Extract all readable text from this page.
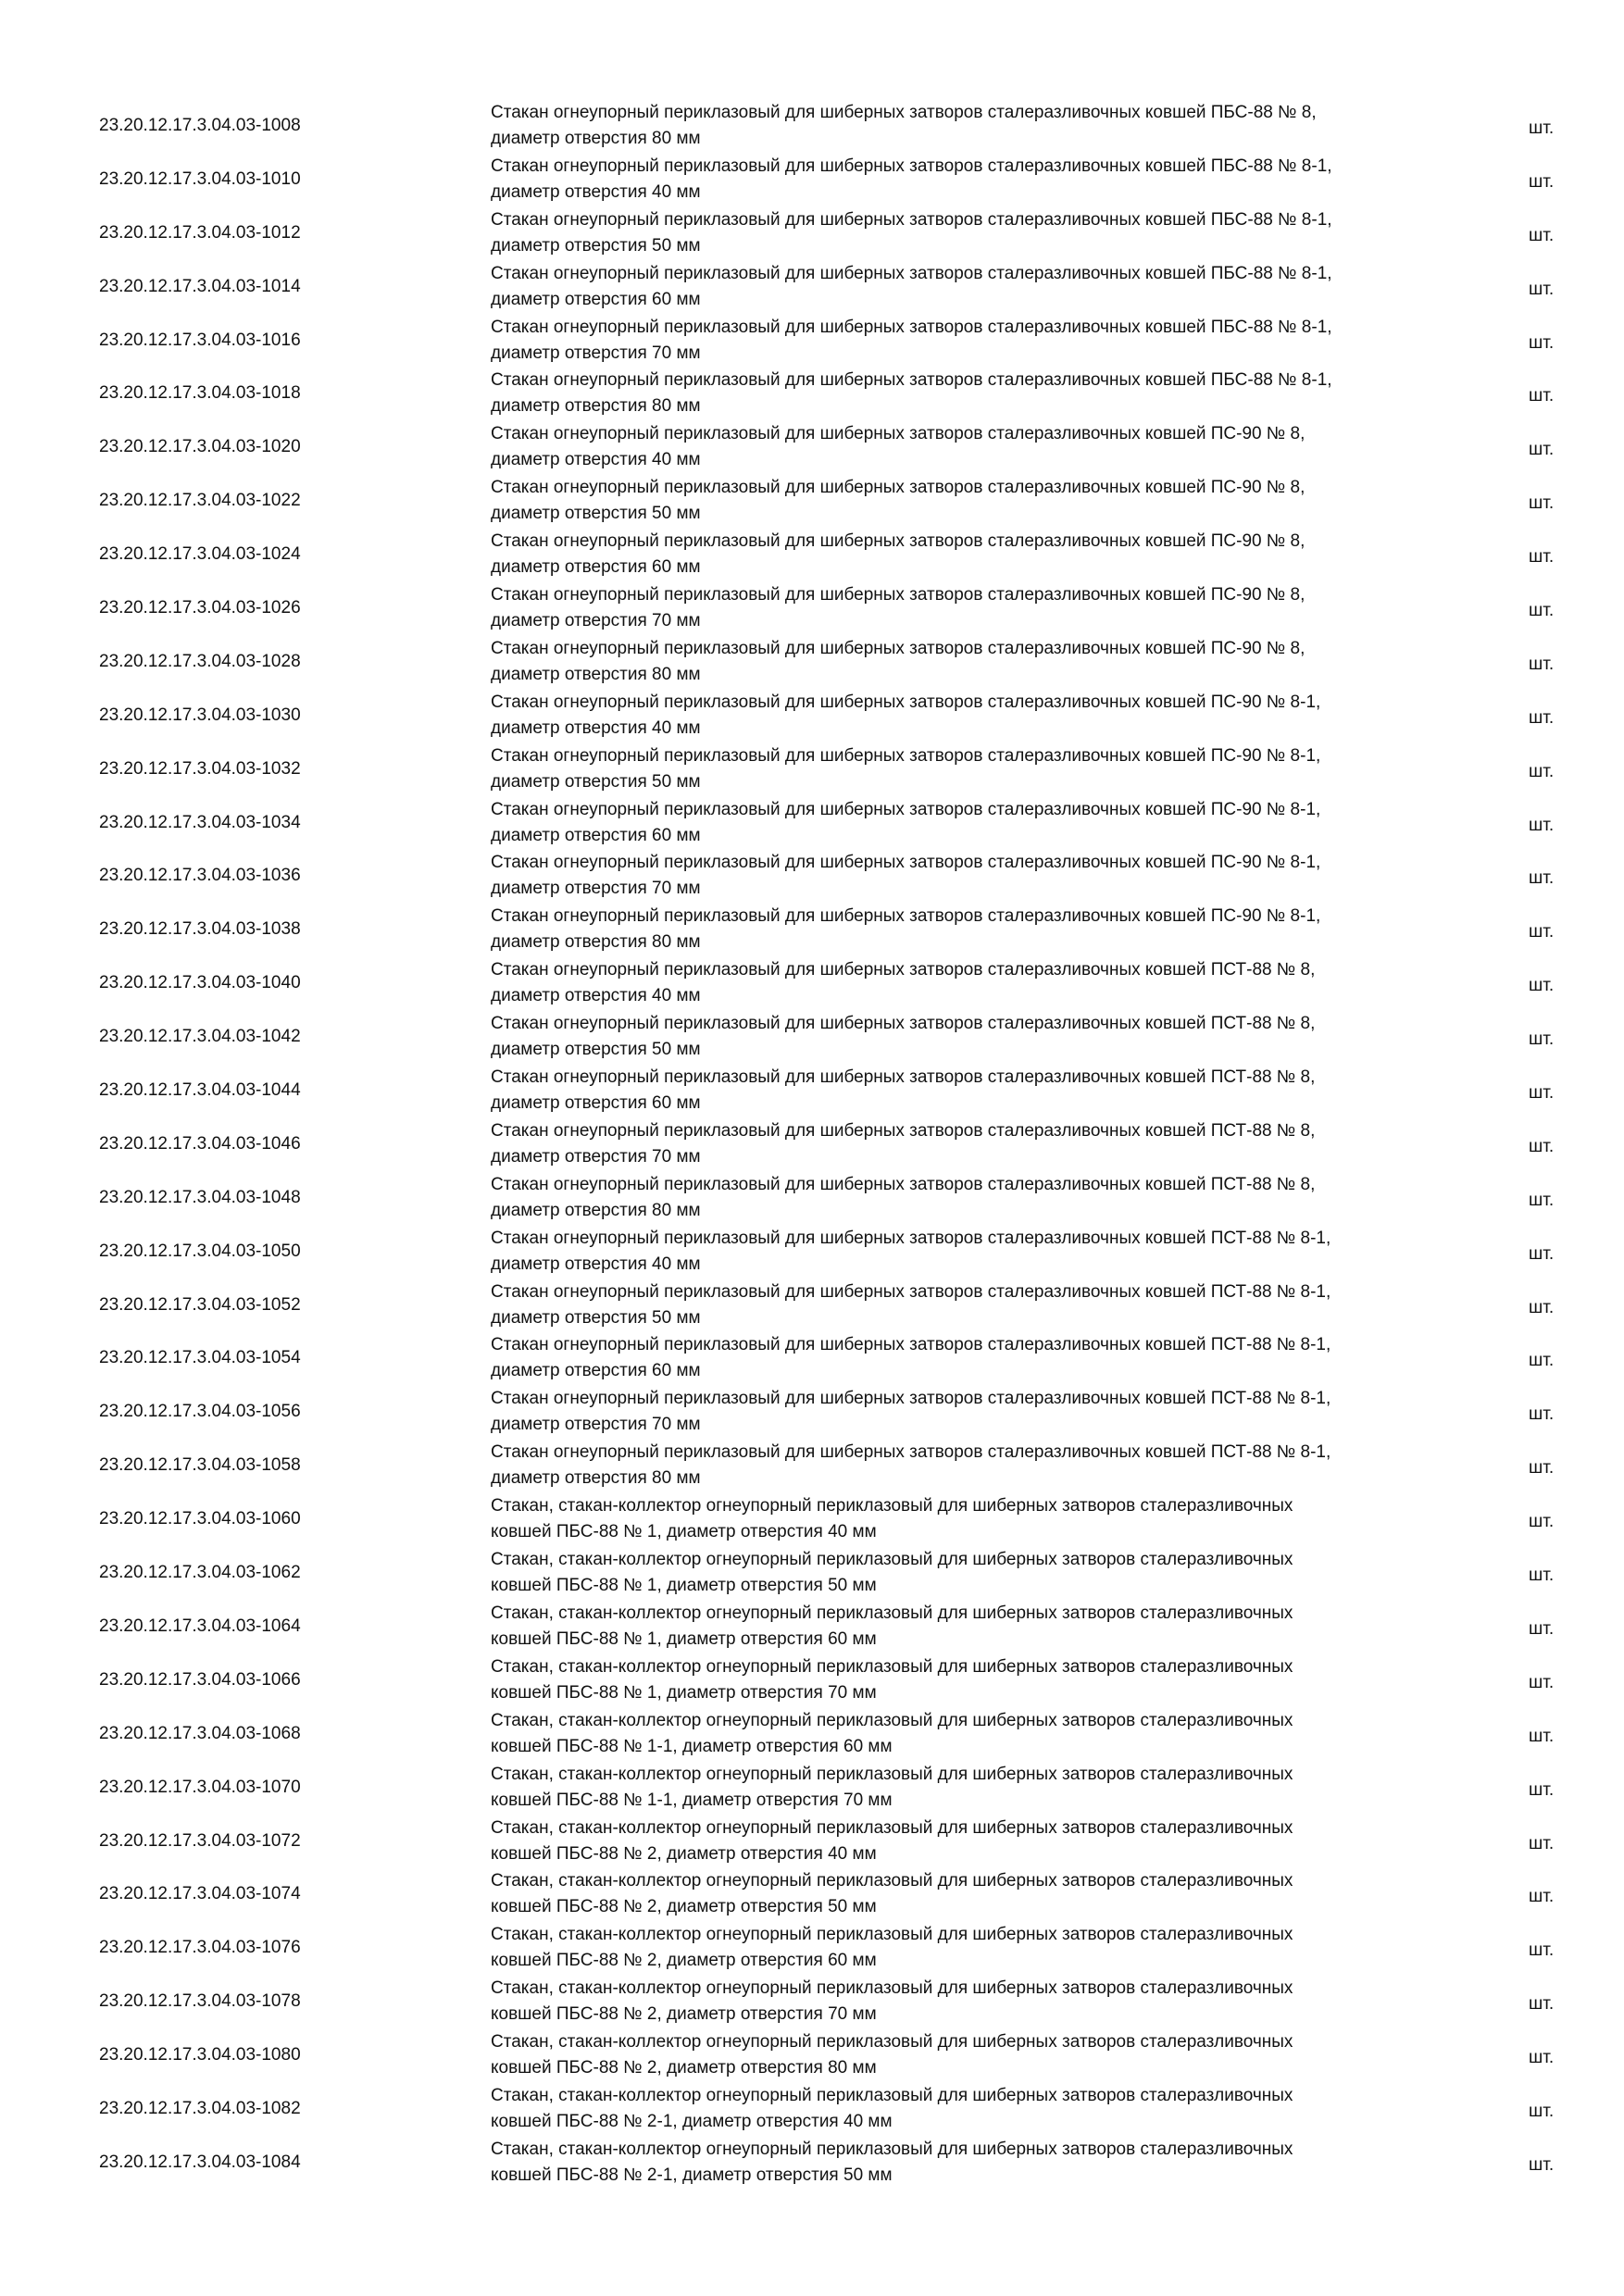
23.20.12.17.3.04.03-1008
Стакан огнеупорный периклазовый для шиберных затворов сталеразливочных ковшей ПБС-88 № 8,
диаметр отверстия 80 мм
шт.
23.20.12.17.3.04.03-1010
Стакан огнеупорный периклазовый для шиберных затворов сталеразливочных ковшей ПБС-88 № 8-1,
диаметр отверстия 40 мм
шт.
23.20.12.17.3.04.03-1012
Стакан огнеупорный периклазовый для шиберных затворов сталеразливочных ковшей ПБС-88 № 8-1,
диаметр отверстия 50 мм
шт.
23.20.12.17.3.04.03-1014
Стакан огнеупорный периклазовый для шиберных затворов сталеразливочных ковшей ПБС-88 № 8-1,
диаметр отверстия 60 мм
шт.
23.20.12.17.3.04.03-1016
Стакан огнеупорный периклазовый для шиберных затворов сталеразливочных ковшей ПБС-88 № 8-1,
диаметр отверстия 70 мм
шт.
23.20.12.17.3.04.03-1018
Стакан огнеупорный периклазовый для шиберных затворов сталеразливочных ковшей ПБС-88 № 8-1,
диаметр отверстия 80 мм
шт.
23.20.12.17.3.04.03-1020
Стакан огнеупорный периклазовый для шиберных затворов сталеразливочных ковшей ПС-90 № 8,
диаметр отверстия 40 мм
шт.
23.20.12.17.3.04.03-1022
Стакан огнеупорный периклазовый для шиберных затворов сталеразливочных ковшей ПС-90 № 8,
диаметр отверстия 50 мм
шт.
23.20.12.17.3.04.03-1024
Стакан огнеупорный периклазовый для шиберных затворов сталеразливочных ковшей ПС-90 № 8,
диаметр отверстия 60 мм
шт.
23.20.12.17.3.04.03-1026
Стакан огнеупорный периклазовый для шиберных затворов сталеразливочных ковшей ПС-90 № 8,
диаметр отверстия 70 мм
шт.
23.20.12.17.3.04.03-1028
Стакан огнеупорный периклазовый для шиберных затворов сталеразливочных ковшей ПС-90 № 8,
диаметр отверстия 80 мм
шт.
23.20.12.17.3.04.03-1030
Стакан огнеупорный периклазовый для шиберных затворов сталеразливочных ковшей ПС-90 № 8-1,
диаметр отверстия 40 мм
шт.
23.20.12.17.3.04.03-1032
Стакан огнеупорный периклазовый для шиберных затворов сталеразливочных ковшей ПС-90 № 8-1,
диаметр отверстия 50 мм
шт.
23.20.12.17.3.04.03-1034
Стакан огнеупорный периклазовый для шиберных затворов сталеразливочных ковшей ПС-90 № 8-1,
диаметр отверстия 60 мм
шт.
23.20.12.17.3.04.03-1036
Стакан огнеупорный периклазовый для шиберных затворов сталеразливочных ковшей ПС-90 № 8-1,
диаметр отверстия 70 мм
шт.
23.20.12.17.3.04.03-1038
Стакан огнеупорный периклазовый для шиберных затворов сталеразливочных ковшей ПС-90 № 8-1,
диаметр отверстия 80 мм
шт.
23.20.12.17.3.04.03-1040
Стакан огнеупорный периклазовый для шиберных затворов сталеразливочных ковшей ПСТ-88 № 8,
диаметр отверстия 40 мм
шт.
23.20.12.17.3.04.03-1042
Стакан огнеупорный периклазовый для шиберных затворов сталеразливочных ковшей ПСТ-88 № 8,
диаметр отверстия 50 мм
шт.
23.20.12.17.3.04.03-1044
Стакан огнеупорный периклазовый для шиберных затворов сталеразливочных ковшей ПСТ-88 № 8,
диаметр отверстия 60 мм
шт.
23.20.12.17.3.04.03-1046
Стакан огнеупорный периклазовый для шиберных затворов сталеразливочных ковшей ПСТ-88 № 8,
диаметр отверстия 70 мм
шт.
23.20.12.17.3.04.03-1048
Стакан огнеупорный периклазовый для шиберных затворов сталеразливочных ковшей ПСТ-88 № 8,
диаметр отверстия 80 мм
шт.
23.20.12.17.3.04.03-1050
Стакан огнеупорный периклазовый для шиберных затворов сталеразливочных ковшей ПСТ-88 № 8-1,
диаметр отверстия 40 мм
шт.
23.20.12.17.3.04.03-1052
Стакан огнеупорный периклазовый для шиберных затворов сталеразливочных ковшей ПСТ-88 № 8-1,
диаметр отверстия 50 мм
шт.
23.20.12.17.3.04.03-1054
Стакан огнеупорный периклазовый для шиберных затворов сталеразливочных ковшей ПСТ-88 № 8-1,
диаметр отверстия 60 мм
шт.
23.20.12.17.3.04.03-1056
Стакан огнеупорный периклазовый для шиберных затворов сталеразливочных ковшей ПСТ-88 № 8-1,
диаметр отверстия 70 мм
шт.
23.20.12.17.3.04.03-1058
Стакан огнеупорный периклазовый для шиберных затворов сталеразливочных ковшей ПСТ-88 № 8-1,
диаметр отверстия 80 мм
шт.
23.20.12.17.3.04.03-1060
Стакан, стакан-коллектор огнеупорный периклазовый для шиберных затворов сталеразливочных
ковшей ПБС-88 № 1, диаметр отверстия 40 мм
шт.
23.20.12.17.3.04.03-1062
Стакан, стакан-коллектор огнеупорный периклазовый для шиберных затворов сталеразливочных
ковшей ПБС-88 № 1, диаметр отверстия 50 мм
шт.
23.20.12.17.3.04.03-1064
Стакан, стакан-коллектор огнеупорный периклазовый для шиберных затворов сталеразливочных
ковшей ПБС-88 № 1, диаметр отверстия 60 мм
шт.
23.20.12.17.3.04.03-1066
Стакан, стакан-коллектор огнеупорный периклазовый для шиберных затворов сталеразливочных
ковшей ПБС-88 № 1, диаметр отверстия 70 мм
шт.
23.20.12.17.3.04.03-1068
Стакан, стакан-коллектор огнеупорный периклазовый для шиберных затворов сталеразливочных
ковшей ПБС-88 № 1-1, диаметр отверстия 60 мм
шт.
23.20.12.17.3.04.03-1070
Стакан, стакан-коллектор огнеупорный периклазовый для шиберных затворов сталеразливочных
ковшей ПБС-88 № 1-1, диаметр отверстия 70 мм
шт.
23.20.12.17.3.04.03-1072
Стакан, стакан-коллектор огнеупорный периклазовый для шиберных затворов сталеразливочных
ковшей ПБС-88 № 2, диаметр отверстия 40 мм
шт.
23.20.12.17.3.04.03-1074
Стакан, стакан-коллектор огнеупорный периклазовый для шиберных затворов сталеразливочных
ковшей ПБС-88 № 2, диаметр отверстия 50 мм
шт.
23.20.12.17.3.04.03-1076
Стакан, стакан-коллектор огнеупорный периклазовый для шиберных затворов сталеразливочных
ковшей ПБС-88 № 2, диаметр отверстия 60 мм
шт.
23.20.12.17.3.04.03-1078
Стакан, стакан-коллектор огнеупорный периклазовый для шиберных затворов сталеразливочных
ковшей ПБС-88 № 2, диаметр отверстия 70 мм
шт.
23.20.12.17.3.04.03-1080
Стакан, стакан-коллектор огнеупорный периклазовый для шиберных затворов сталеразливочных
ковшей ПБС-88 № 2, диаметр отверстия 80 мм
шт.
23.20.12.17.3.04.03-1082
Стакан, стакан-коллектор огнеупорный периклазовый для шиберных затворов сталеразливочных
ковшей ПБС-88 № 2-1, диаметр отверстия 40 мм
шт.
23.20.12.17.3.04.03-1084
Стакан, стакан-коллектор огнеупорный периклазовый для шиберных затворов сталеразливочных
ковшей ПБС-88 № 2-1, диаметр отверстия 50 мм
шт.
